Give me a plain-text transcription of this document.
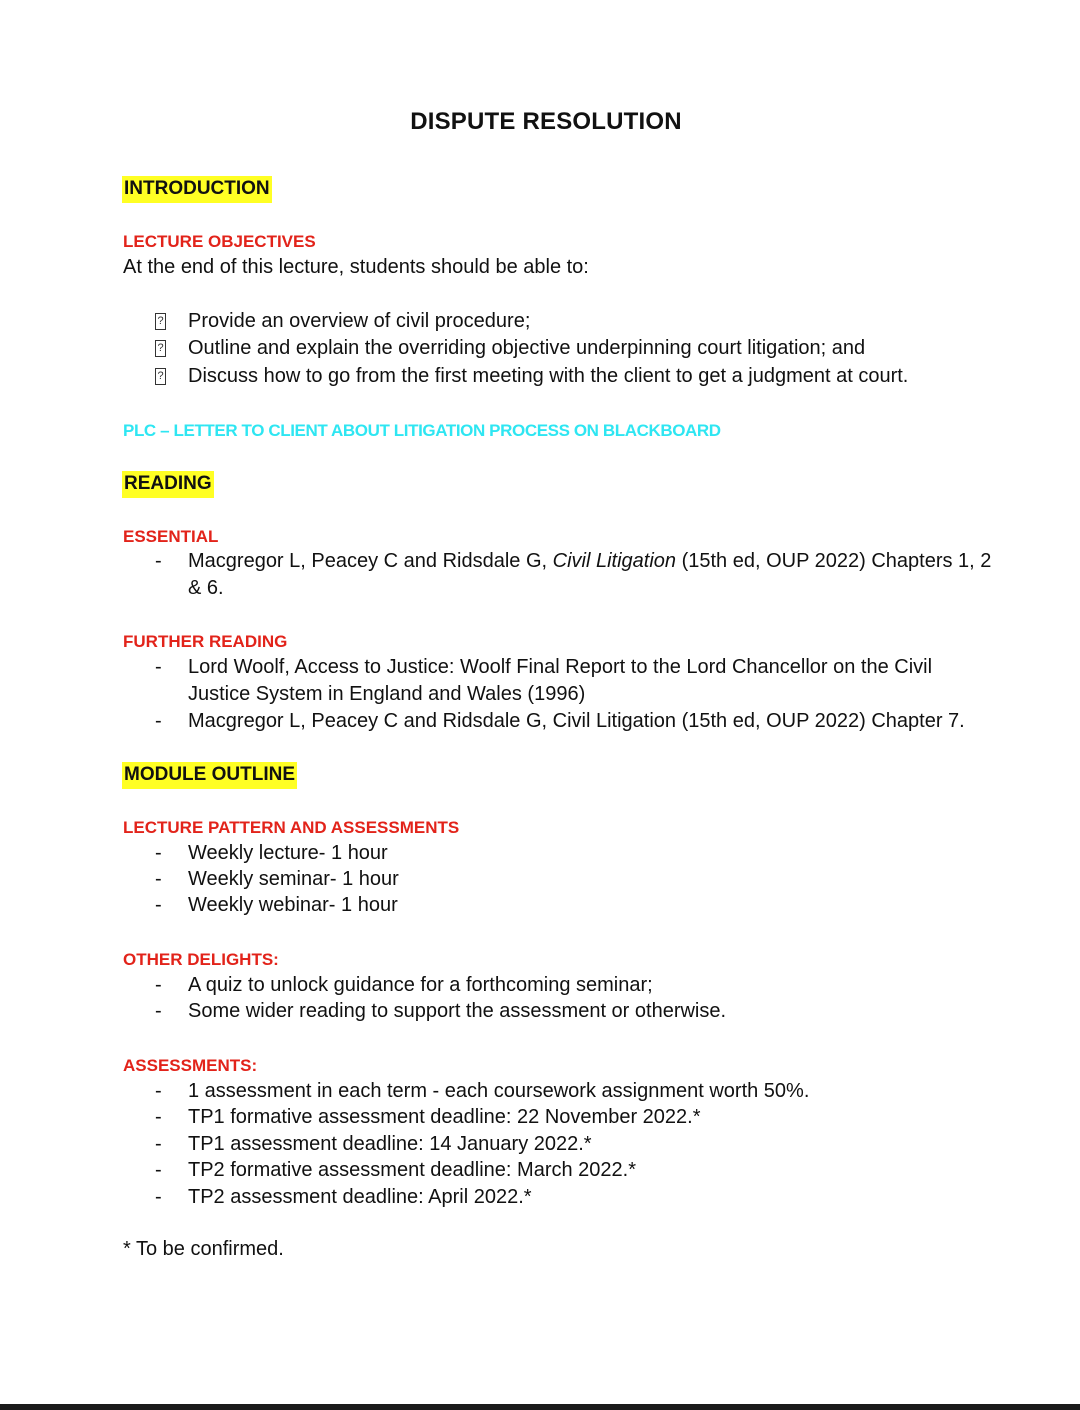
DISPUTE RESOLUTION
INTRODUCTION
LECTURE OBJECTIVES
At the end of this lecture, students should be able to:
? Provide an overview of civil procedure;
? Outline and explain the overriding objective underpinning court litigation; and
? Discuss how to go from the first meeting with the client to get a judgment at court.
PLC – LETTER TO CLIENT ABOUT LITIGATION PROCESS ON BLACKBOARD
READING
ESSENTIAL
- Macgregor L, Peacey C and Ridsdale G, Civil Litigation (15th ed, OUP 2022) Chapters 1, 2
& 6.
FURTHER READING
- Lord Woolf, Access to Justice: Woolf Final Report to the Lord Chancellor on the Civil
Justice System in England and Wales (1996)
- Macgregor L, Peacey C and Ridsdale G, Civil Litigation (15th ed, OUP 2022) Chapter 7.
MODULE OUTLINE
LECTURE PATTERN AND ASSESSMENTS
- Weekly lecture- 1 hour
- Weekly seminar- 1 hour
- Weekly webinar- 1 hour
OTHER DELIGHTS:
- A quiz to unlock guidance for a forthcoming seminar;
- Some wider reading to support the assessment or otherwise.
ASSESSMENTS:
- 1 assessment in each term - each coursework assignment worth 50%.
- TP1 formative assessment deadline: 22 November 2022.*
- TP1 assessment deadline: 14 January 2022.*
- TP2 formative assessment deadline: March 2022.*
- TP2 assessment deadline: April 2022.*
* To be confirmed.
